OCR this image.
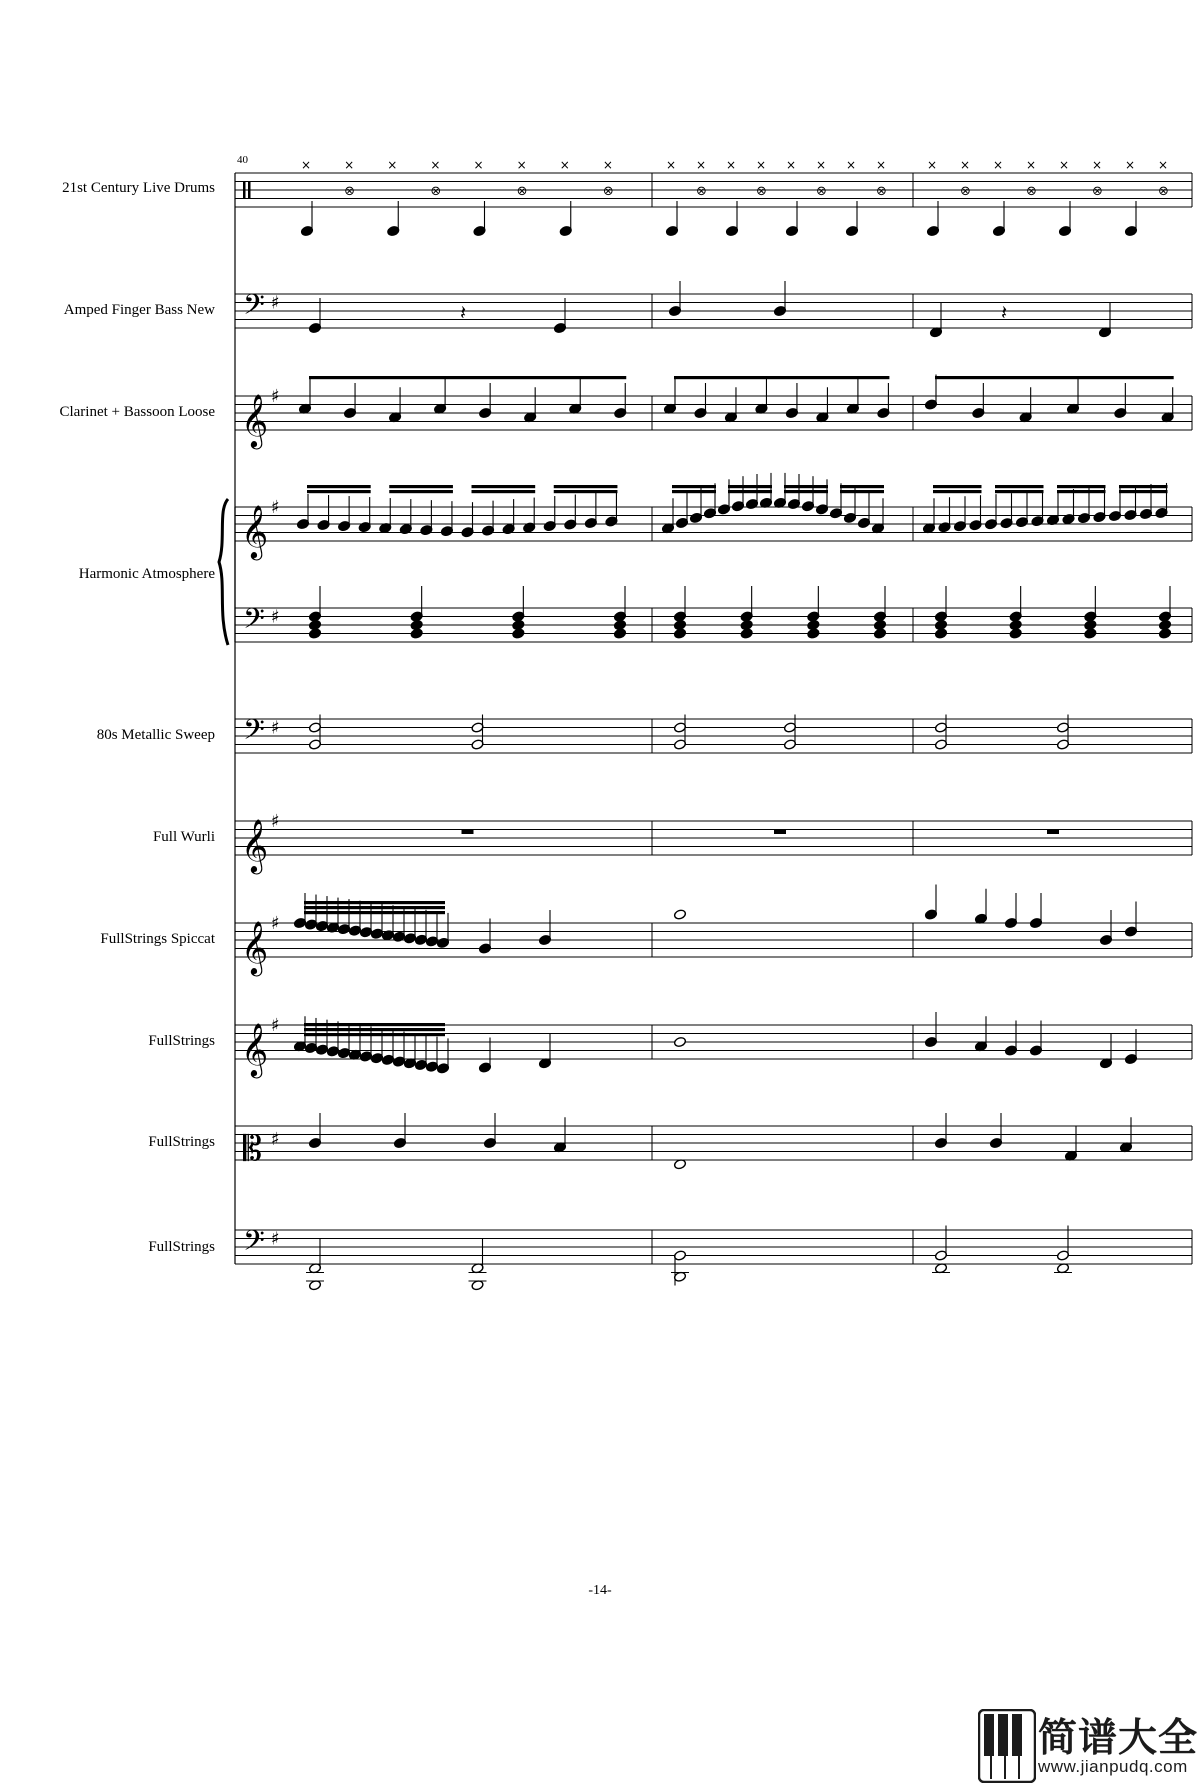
𝄢 ♯
𝄞 ♯
𝄞 ♯
𝄢 ♯
𝄢 ♯
𝄞 ♯
𝄞 ♯
𝄞 ♯
𝄡 ♯
𝄢 ♯
×	×
⊗
×	×
⊗
×	×
⊗
×	×
⊗
× ×
⊗
× ×
⊗
× ×
⊗
× ×
⊗
× ×
⊗
× ×
⊗
× ×
⊗
× ×
⊗
𝄽	𝄽
21st Century Live Drums
Amped Finger Bass New
Clarinet + Bassoon Loose
Harmonic Atmosphere
80s Metallic Sweep
Full Wurli
FullStrings Spiccat
FullStrings
FullStrings
FullStrings
40
-14-
简谱大全
www.jianpudq.com
